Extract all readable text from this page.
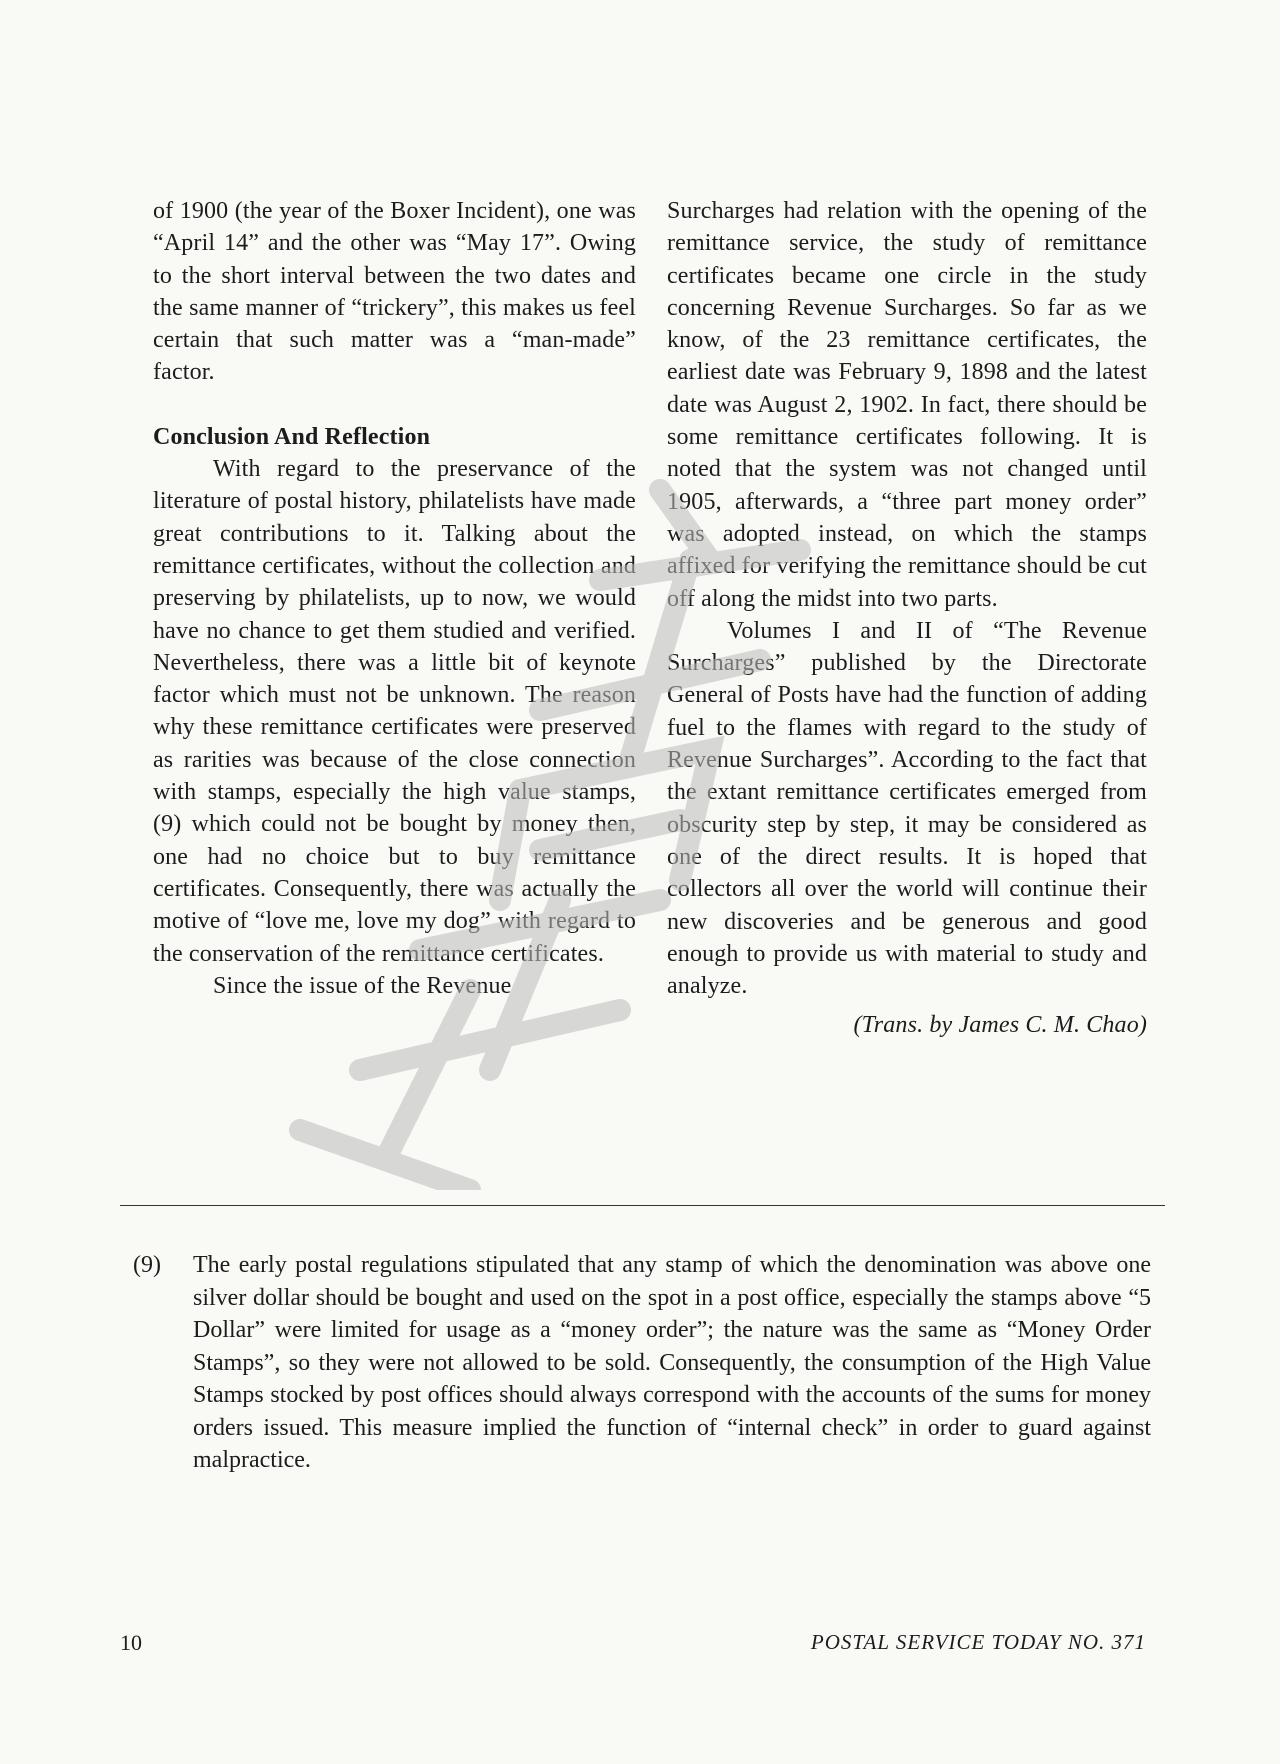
of 1900 (the year of the Boxer Incident), one was “April 14” and the other was “May 17”. Owing to the short interval between the two dates and the same manner of “trickery”, this makes us feel certain that such matter was a “man-made” factor.

Conclusion And Reflection

With regard to the preservance of the literature of postal history, philatelists have made great contributions to it. Talking about the remittance certificates, without the collection and preserving by philatelists, up to now, we would have no chance to get them studied and verified. Nevertheless, there was a little bit of keynote factor which must not be unknown. The reason why these remittance certificates were preserved as rarities was because of the close connection with stamps, especially the high value stamps, (9) which could not be bought by money then, one had no choice but to buy remittance certificates. Consequently, there was actually the motive of “love me, love my dog” with regard to the conservation of the remittance certificates.

Since the issue of the Revenue

Surcharges had relation with the opening of the remittance service, the study of remittance certificates became one circle in the study concerning Revenue Surcharges. So far as we know, of the 23 remittance certificates, the earliest date was February 9, 1898 and the latest date was August 2, 1902. In fact, there should be some remittance certificates following. It is noted that the system was not changed until 1905, afterwards, a “three part money order” was adopted instead, on which the stamps affixed for verifying the remittance should be cut off along the midst into two parts.

Volumes I and II of “The Revenue Surcharges” published by the Directorate General of Posts have had the function of adding fuel to the flames with regard to the study of Revenue Surcharges”. According to the fact that the extant remittance certificates emerged from obscurity step by step, it may be considered as one of the direct results. It is hoped that collectors all over the world will continue their new discoveries and be generous and good enough to provide us with material to study and analyze.

(Trans. by James C. M. Chao)

(9) The early postal regulations stipulated that any stamp of which the denomination was above one silver dollar should be bought and used on the spot in a post office, especially the stamps above “5 Dollar” were limited for usage as a “money order”; the nature was the same as “Money Order Stamps”, so they were not allowed to be sold. Consequently, the consumption of the High Value Stamps stocked by post offices should always correspond with the accounts of the sums for money orders issued. This measure implied the function of “internal check” in order to guard against malpractice.
10	POSTAL SERVICE TODAY NO. 371
